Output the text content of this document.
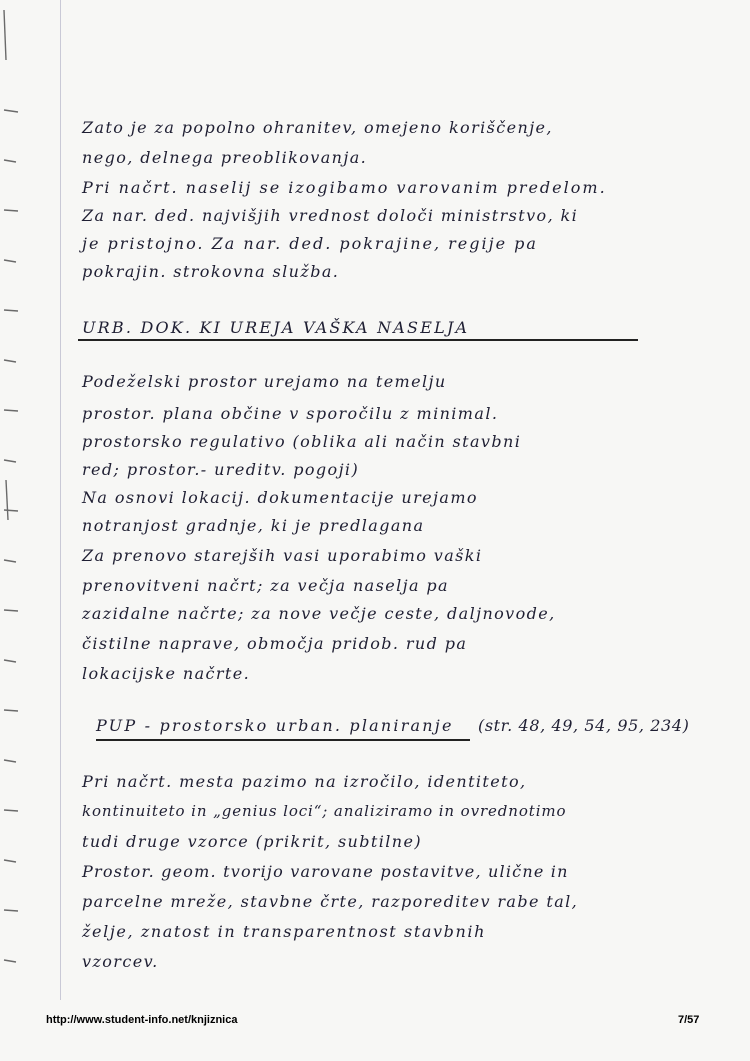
Zato je za popolno ohranitev, omejeno koriščenje,
nego, delnega preoblikovanja.
Pri načrt. naselij se izogibamo varovanim predelom.
Za nar. ded. najvišjih vrednost določi ministrstvo, ki
je pristojno. Za nar. ded. pokrajine, regije pa
pokrajin. strokovna služba.
URB. DOK. KI UREJA VAŠKA NASELJA
Podeželski prostor urejamo na temelju
prostor. plana občine v sporočilu z minimal.
prostorsko regulativo (oblika ali način stavbni
red; prostor.- ureditv. pogoji)
Na osnovi lokacij. dokumentacije urejamo
notranjost gradnje, ki je predlagana
Za prenovo starejših vasi uporabimo vaški
prenovitveni načrt; za večja naselja pa
zazidalne načrte; za nove večje ceste, daljnovode,
čistilne naprave, območja pridob. rud pa
lokacijske načrte.
PUP - prostorsko urban. planiranje (str. 48, 49, 54, 95, 234)
Pri načrt. mesta pazimo na izročilo, identiteto,
kontinuiteto in „genius loci“; analiziramo in ovrednotimo
tudi druge vzorce (prikrit, subtilne)
Prostor. geom. tvorijo varovane postavitve, ulične in
parcelne mreže, stavbne črte, razporeditev rabe tal,
želje, znatost in transparentnost stavbnih
vzorcev.
http://www.student-info.net/knjiznica	7/57
